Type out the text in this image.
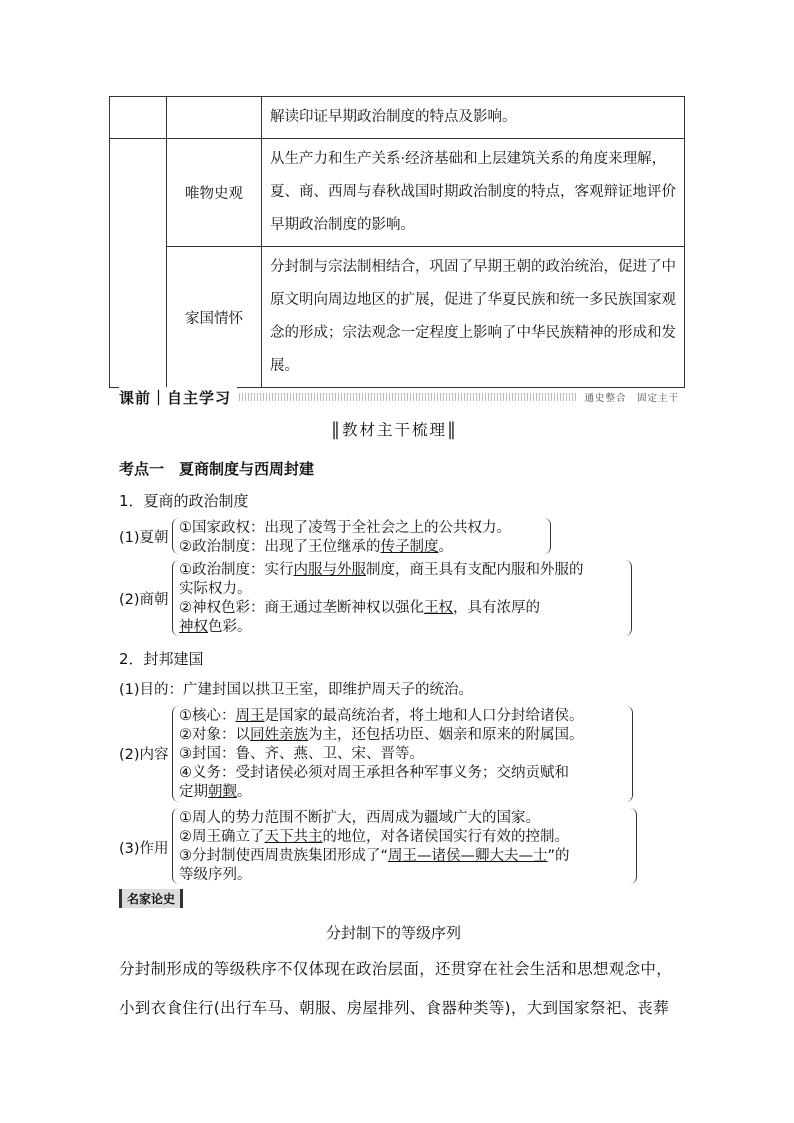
		解读印证早期政治制度的特点及影响。
	唯物史观	从生产力和生产关系·经济基础和上层建筑关系的角度来理解，夏、商、西周与春秋战国时期政治制度的特点，客观辩证地评价早期政治制度的影响。
	家国情怀	分封制与宗法制相结合，巩固了早期王朝的政治统治，促进了中原文明向周边地区的扩展，促进了华夏民族和统一多民族国家观念的形成；宗法观念一定程度上影响了中华民族精神的形成和发展。
课前｜自主学习	通史整合　固定主干
‖ 教材主干梳理 ‖
考点一　夏商制度与西周封建
1．夏商的政治制度
(1)夏朝
①国家政权：出现了凌驾于全社会之上的公共权力。
②政治制度：出现了王位继承的传子制度。
(2)商朝
①政治制度：实行内服与外服制度，商王具有支配内服和外服的
实际权力。
②神权色彩：商王通过垄断神权以强化王权，具有浓厚的
神权色彩。
2．封邦建国
(1)目的：广建封国以拱卫王室，即维护周天子的统治。
(2)内容
①核心：周王是国家的最高统治者，将土地和人口分封给诸侯。
②对象：以同姓亲族为主，还包括功臣、姻亲和原来的附属国。
③封国：鲁、齐、燕、卫、宋、晋等。
④义务：受封诸侯必须对周王承担各种军事义务；交纳贡赋和
定期朝觐。
(3)作用
①周人的势力范围不断扩大，西周成为疆域广大的国家。
②周王确立了天下共主的地位，对各诸侯国实行有效的控制。
③分封制使西周贵族集团形成了“周王—诸侯—卿大夫—士”的
等级序列。
名家论史
分封制下的等级序列
分封制形成的等级秩序不仅体现在政治层面，还贯穿在社会生活和思想观念中，
小到衣食住行(出行车马、朝服、房屋排列、食器种类等)，大到国家祭祀、丧葬
